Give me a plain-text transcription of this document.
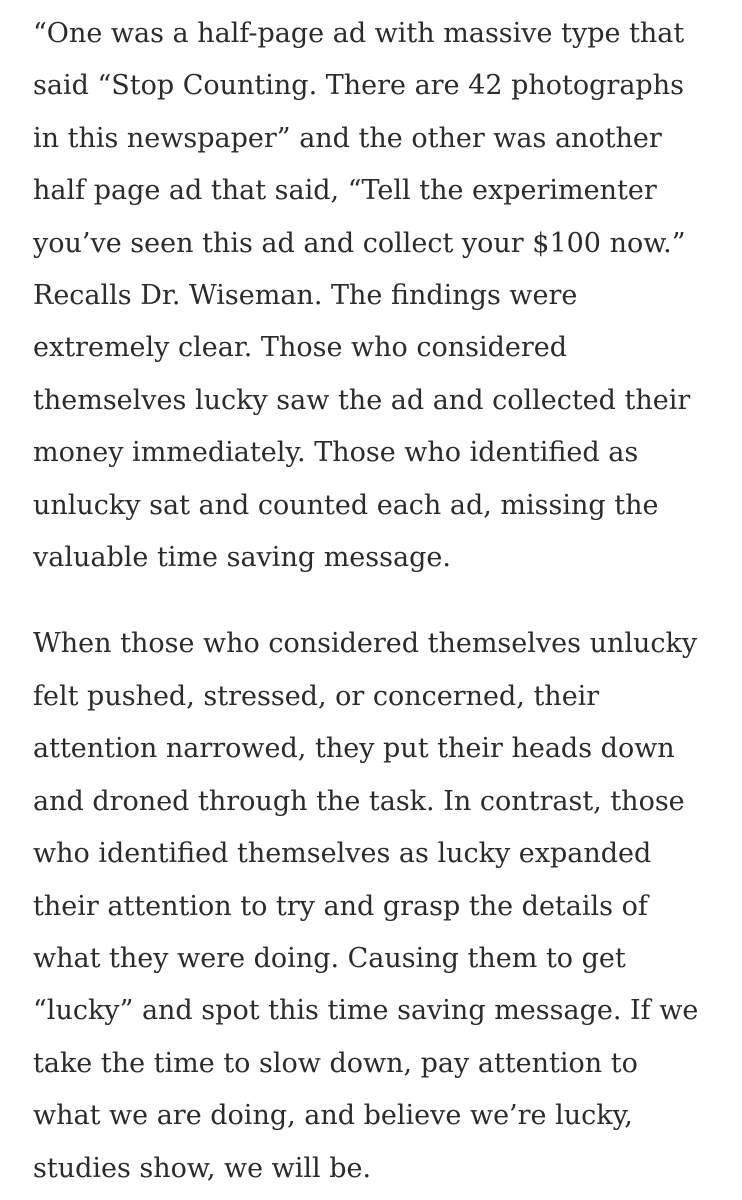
“One was a half-page ad with massive type that
said “Stop Counting. There are 42 photographs
in this newspaper” and the other was another
half page ad that said, “Tell the experimenter
you’ve seen this ad and collect your $100 now.”
Recalls Dr. Wiseman. The findings were
extremely clear. Those who considered
themselves lucky saw the ad and collected their
money immediately. Those who identified as
unlucky sat and counted each ad, missing the
valuable time saving message.

When those who considered themselves unlucky
felt pushed, stressed, or concerned, their
attention narrowed, they put their heads down
and droned through the task. In contrast, those
who identified themselves as lucky expanded
their attention to try and grasp the details of
what they were doing. Causing them to get
“lucky” and spot this time saving message. If we
take the time to slow down, pay attention to
what we are doing, and believe we’re lucky,
studies show, we will be.
